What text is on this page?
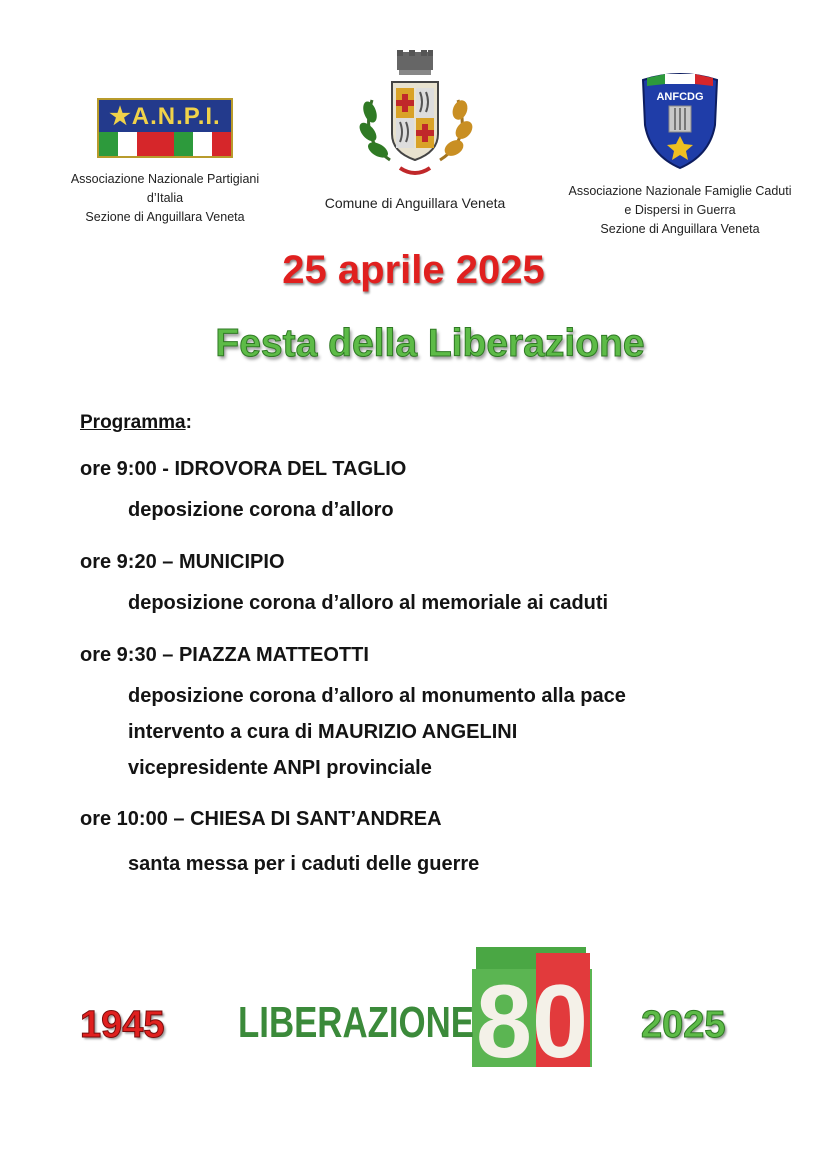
★A.N.P.I.
Associazione Nazionale Partigiani
d’Italia
Sezione di Anguillara Veneta
Comune di Anguillara Veneta
ANFCDG
Associazione Nazionale Famiglie Caduti
e Dispersi in Guerra
Sezione di Anguillara Veneta
25 aprile 2025
Festa della Liberazione
Programma:
ore 9:00 - IDROVORA DEL TAGLIO
deposizione corona d’alloro
ore 9:20 – MUNICIPIO
deposizione corona d’alloro al memoriale ai caduti
ore 9:30 – PIAZZA MATTEOTTI
deposizione corona d’alloro al monumento alla pace
intervento a cura di MAURIZIO ANGELINI
vicepresidente ANPI provinciale
ore 10:00 – CHIESA DI SANT’ANDREA
santa messa per i caduti delle guerre
1945 LIBERAZIONE 80 2025
